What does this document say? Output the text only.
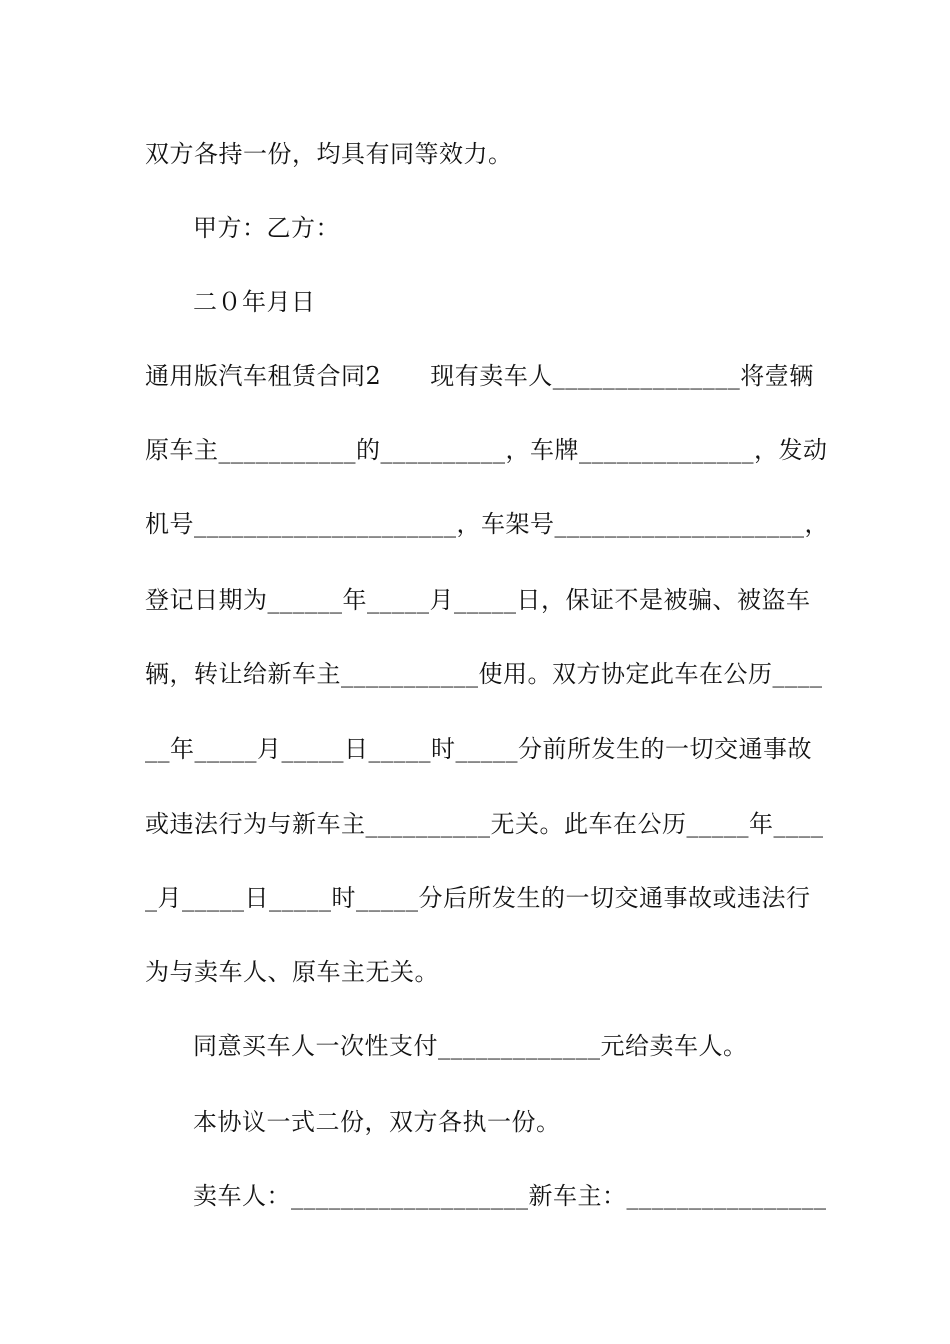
双方各持一份，均具有同等效力。
甲方：乙方：
二０年月日
通用版汽车租赁合同2　　现有卖车人_______________将壹辆
原车主___________的__________，车牌______________，发动
机号_____________________，车架号____________________，
登记日期为______年_____月_____日，保证不是被骗、被盗车
辆，转让给新车主___________使用。双方协定此车在公历____
__年_____月_____日_____时_____分前所发生的一切交通事故
或违法行为与新车主__________无关。此车在公历_____年____
_月_____日_____时_____分后所发生的一切交通事故或违法行
为与卖车人、原车主无关。
同意买车人一次性支付_____________元给卖车人。
本协议一式二份，双方各执一份。
卖车人：___________________新车主：________________
